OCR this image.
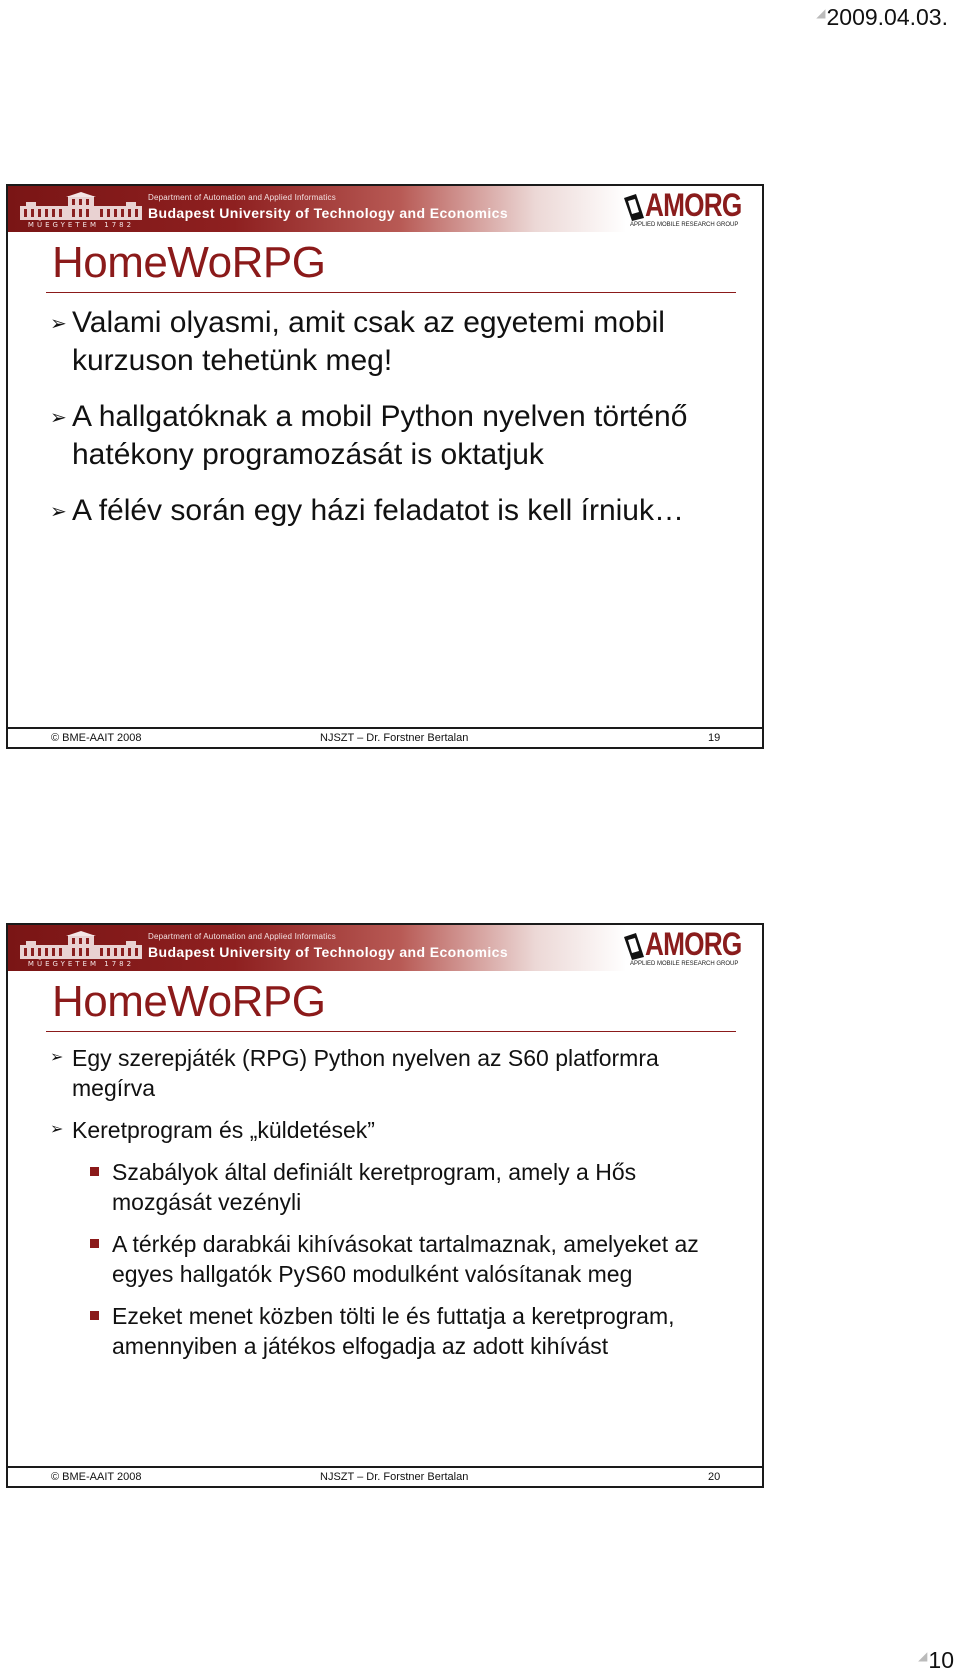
◢2009.04.03.
MŰEGYETEM 1782
Department of Automation and Applied Informatics
Budapest University of Technology and Economics	AMORG
APPLIED MOBILE RESEARCH GROUP
HomeWoRPG
➢ Valami olyasmi, amit csak az egyetemi mobil kurzuson tehetünk meg!
➢ A hallgatóknak a mobil Python nyelven történő hatékony programozását is oktatjuk
➢ A félév során egy házi feladatot is kell írniuk…
© BME-AAIT 2008	NJSZT – Dr. Forstner Bertalan	19
MŰEGYETEM 1782
Department of Automation and Applied Informatics
Budapest University of Technology and Economics	AMORG
APPLIED MOBILE RESEARCH GROUP
HomeWoRPG
➢ Egy szerepjáték (RPG) Python nyelven az S60 platformra megírva
➢ Keretprogram és „küldetések”
Szabályok által definiált keretprogram, amely a Hős mozgását vezényli
A térkép darabkái kihívásokat tartalmaznak, amelyeket az egyes hallgatók PyS60 modulként valósítanak meg
Ezeket menet közben tölti le és futtatja a keretprogram, amennyiben a játékos elfogadja az adott kihívást
© BME-AAIT 2008	NJSZT – Dr. Forstner Bertalan	20
◢10
